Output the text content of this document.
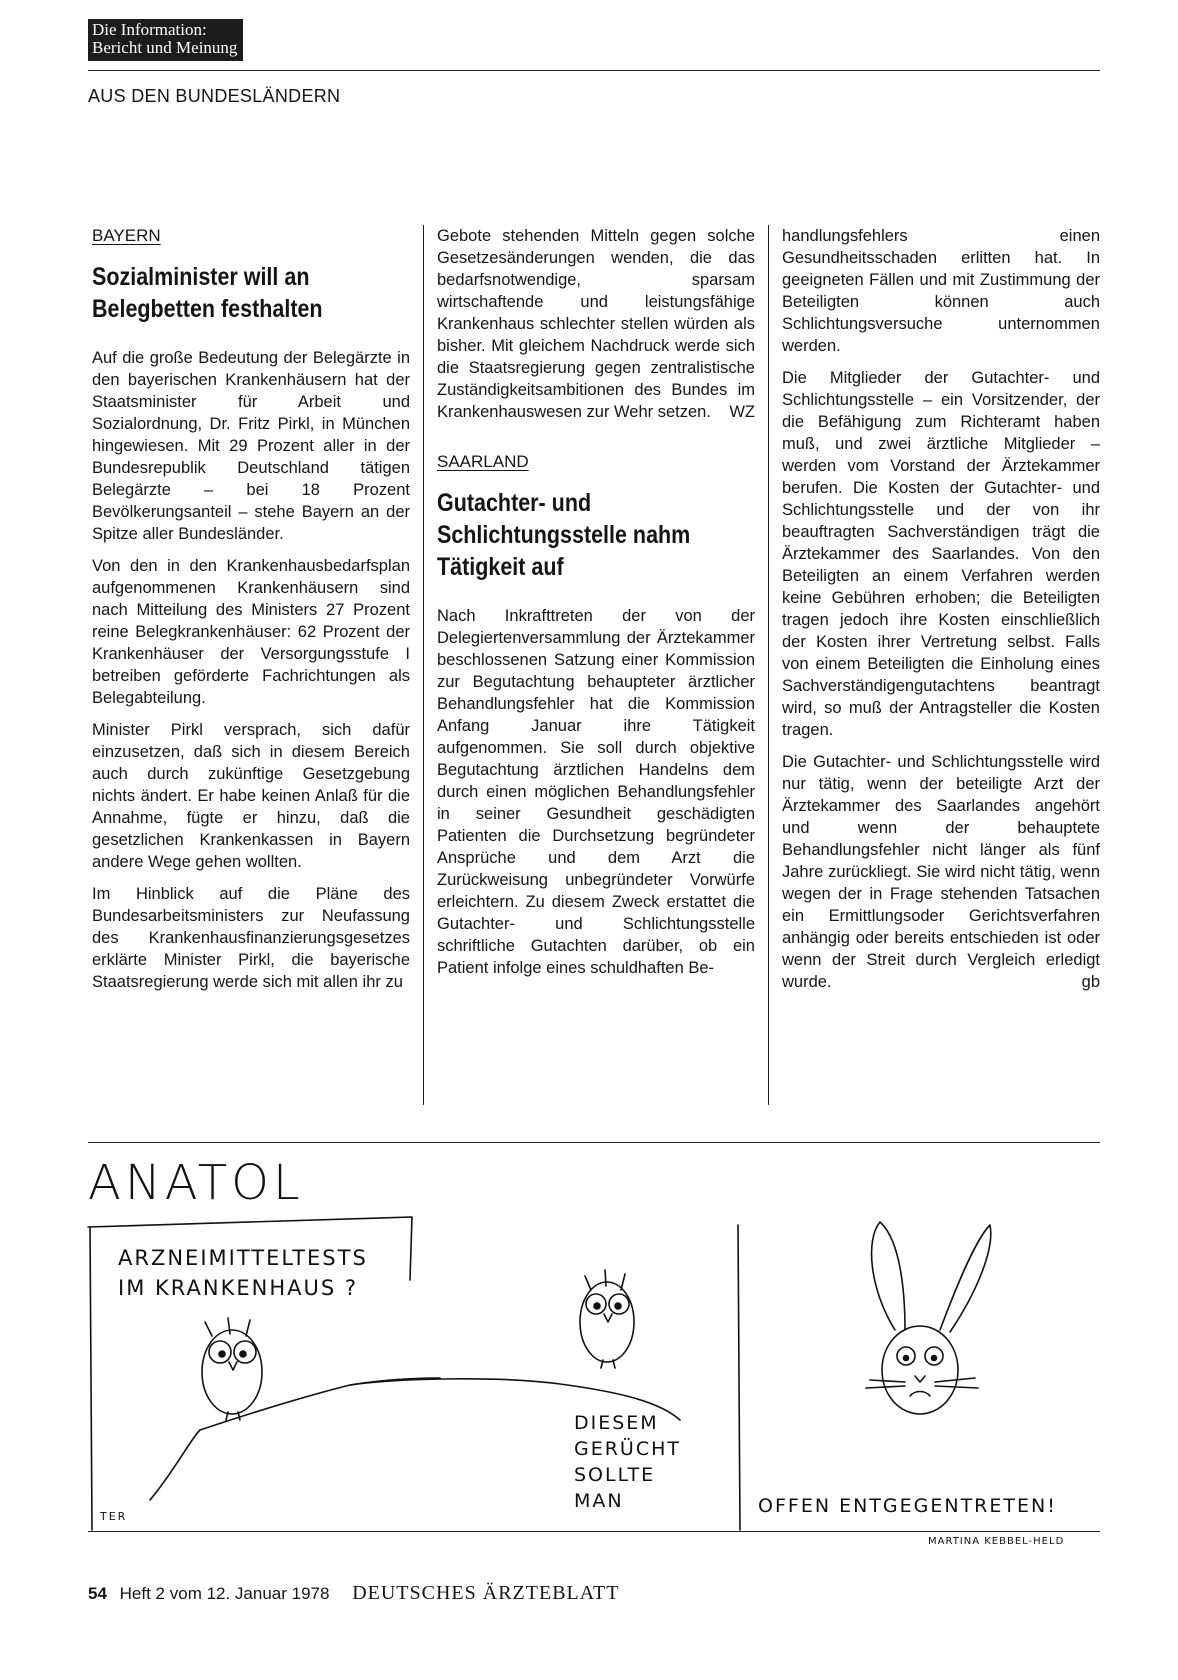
Die Information:
Bericht und Meinung
AUS DEN BUNDESLÄNDERN
BAYERN
Sozialminister will an Belegbetten festhalten

Auf die große Bedeutung der Belegärzte in den bayerischen Krankenhäusern hat der Staatsminister für Arbeit und Sozialordnung, Dr. Fritz Pirkl, in München hingewiesen. Mit 29 Prozent aller in der Bundesrepublik Deutschland tätigen Belegärzte – bei 18 Prozent Bevölkerungsanteil – stehe Bayern an der Spitze aller Bundesländer.

Von den in den Krankenhausbedarfsplan aufgenommenen Krankenhäusern sind nach Mitteilung des Ministers 27 Prozent reine Belegkrankenhäuser: 62 Prozent der Krankenhäuser der Versorgungsstufe I betreiben geförderte Fachrichtungen als Belegabteilung.

Minister Pirkl versprach, sich dafür einzusetzen, daß sich in diesem Bereich auch durch zukünftige Gesetzgebung nichts ändert. Er habe keinen Anlaß für die Annahme, fügte er hinzu, daß die gesetzlichen Krankenkassen in Bayern andere Wege gehen wollten.

Im Hinblick auf die Pläne des Bundesarbeitsministers zur Neufassung des Krankenhausfinanzierungsgesetzes erklärte Minister Pirkl, die bayerische Staatsregierung werde sich mit allen ihr zu

Gebote stehenden Mitteln gegen solche Gesetzesänderungen wenden, die das bedarfsnotwendige, sparsam wirtschaftende und leistungsfähige Krankenhaus schlechter stellen würden als bisher. Mit gleichem Nachdruck werde sich die Staatsregierung gegen zentralistische Zuständigkeitsambitionen des Bundes im Krankenhauswesen zur Wehr setzen. WZ

SAARLAND
Gutachter- und Schlichtungsstelle nahm Tätigkeit auf

Nach Inkrafttreten der von der Delegiertenversammlung der Ärztekammer beschlossenen Satzung einer Kommission zur Begutachtung behaupteter ärztlicher Behandlungsfehler hat die Kommission Anfang Januar ihre Tätigkeit aufgenommen. Sie soll durch objektive Begutachtung ärztlichen Handelns dem durch einen möglichen Behandlungsfehler in seiner Gesundheit geschädigten Patienten die Durchsetzung begründeter Ansprüche und dem Arzt die Zurückweisung unbegründeter Vorwürfe erleichtern. Zu diesem Zweck erstattet die Gutachter- und Schlichtungsstelle schriftliche Gutachten darüber, ob ein Patient infolge eines schuldhaften Be-

handlungsfehlers einen Gesundheitsschaden erlitten hat. In geeigneten Fällen und mit Zustimmung der Beteiligten können auch Schlichtungsversuche unternommen werden.

Die Mitglieder der Gutachter- und Schlichtungsstelle – ein Vorsitzender, der die Befähigung zum Richteramt haben muß, und zwei ärztliche Mitglieder – werden vom Vorstand der Ärztekammer berufen. Die Kosten der Gutachter- und Schlichtungsstelle und der von ihr beauftragten Sachverständigen trägt die Ärztekammer des Saarlandes. Von den Beteiligten an einem Verfahren werden keine Gebühren erhoben; die Beteiligten tragen jedoch ihre Kosten einschließlich der Kosten ihrer Vertretung selbst. Falls von einem Beteiligten die Einholung eines Sachverständigengutachtens beantragt wird, so muß der Antragsteller die Kosten tragen.

Die Gutachter- und Schlichtungsstelle wird nur tätig, wenn der beteiligte Arzt der Ärztekammer des Saarlandes angehört und wenn der behauptete Behandlungsfehler nicht länger als fünf Jahre zurückliegt. Sie wird nicht tätig, wenn wegen der in Frage stehenden Tatsachen ein Ermittlungsoder Gerichtsverfahren anhängig oder bereits entschieden ist oder wenn der Streit durch Vergleich erledigt wurde.	gb

ANATOL
ARZNEIMITTELTESTS
IM KRANKENHAUS ?
TER
DIESEM
GERÜCHT
SOLLTE
MAN	OFFEN ENTGEGENTRETEN!
MARTINA KEBBEL-HELD
54 Heft 2 vom 12. Januar 1978 DEUTSCHES ÄRZTEBLATT
